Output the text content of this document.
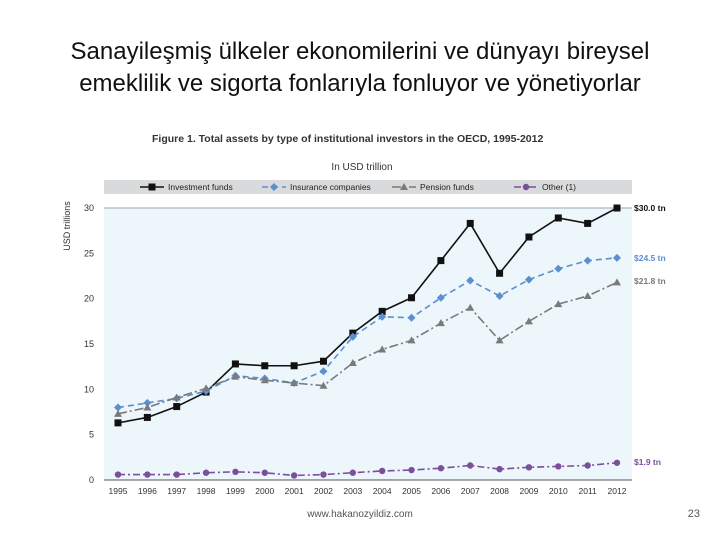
Sanayileşmiş ülkeler ekonomilerini ve dünyayı bireysel
emeklilik ve sigorta fonlarıyla fonluyor ve yönetiyorlar
Figure 1. Total assets by type of institutional investors in the OECD, 1995-2012
In USD trillion
0
5
10
15
20
25
30
USD trillions
1995 1996 1997 1998 1999 2000 2001 2002 2003 2004 2005 2006 2007 2008 2009 2010 2011 2012
Investment funds	Insurance companies	Pension funds	Other (1)
$30.0 tn
$24.5 tn
$21.8 tn
$1.9 tn
www.hakanozyildiz.com	23
